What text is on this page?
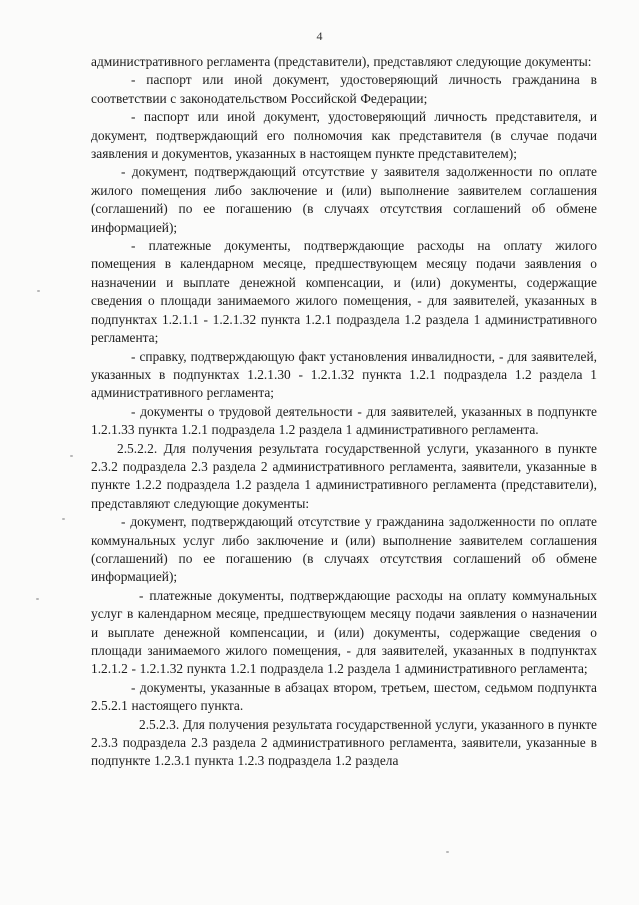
4

административного регламента (представители), представляют следующие документы:

- паспорт или иной документ, удостоверяющий личность гражданина в соответствии с законодательством Российской Федерации;

- паспорт или иной документ, удостоверяющий личность представителя, и документ, подтверждающий его полномочия как представителя (в случае подачи заявления и документов, указанных в настоящем пункте представителем);

- документ, подтверждающий отсутствие у заявителя задолженности по оплате жилого помещения либо заключение и (или) выполнение заявителем соглашения (соглашений) по ее погашению (в случаях отсутствия соглашений об обмене информацией);

- платежные документы, подтверждающие расходы на оплату жилого помещения в календарном месяце, предшествующем месяцу подачи заявления о назначении и выплате денежной компенсации, и (или) документы, содержащие сведения о площади занимаемого жилого помещения, - для заявителей, указанных в подпунктах 1.2.1.1 - 1.2.1.32 пункта 1.2.1 подраздела 1.2 раздела 1 административного регламента;

- справку, подтверждающую факт установления инвалидности, - для заявителей, указанных в подпунктах 1.2.1.30 - 1.2.1.32 пункта 1.2.1 подраздела 1.2 раздела 1 административного регламента;

- документы о трудовой деятельности - для заявителей, указанных в подпункте 1.2.1.33 пункта 1.2.1 подраздела 1.2 раздела 1 административного регламента.

2.5.2.2. Для получения результата государственной услуги, указанного в пункте 2.3.2 подраздела 2.3 раздела 2 административного регламента, заявители, указанные в пункте 1.2.2 подраздела 1.2 раздела 1 административного регламента (представители), представляют следующие документы:

- документ, подтверждающий отсутствие у гражданина задолженности по оплате коммунальных услуг либо заключение и (или) выполнение заявителем соглашения (соглашений) по ее погашению (в случаях отсутствия соглашений об обмене информацией);

- платежные документы, подтверждающие расходы на оплату коммунальных услуг в календарном месяце, предшествующем месяцу подачи заявления о назначении и выплате денежной компенсации, и (или) документы, содержащие сведения о площади занимаемого жилого помещения, - для заявителей, указанных в подпунктах 1.2.1.2 - 1.2.1.32 пункта 1.2.1 подраздела 1.2 раздела 1 административного регламента;

- документы, указанные в абзацах втором, третьем, шестом, седьмом подпункта 2.5.2.1 настоящего пункта.

2.5.2.3. Для получения результата государственной услуги, указанного в пункте 2.3.3 подраздела 2.3 раздела 2 административного регламента, заявители, указанные в подпункте 1.2.3.1 пункта 1.2.3 подраздела 1.2 раздела
